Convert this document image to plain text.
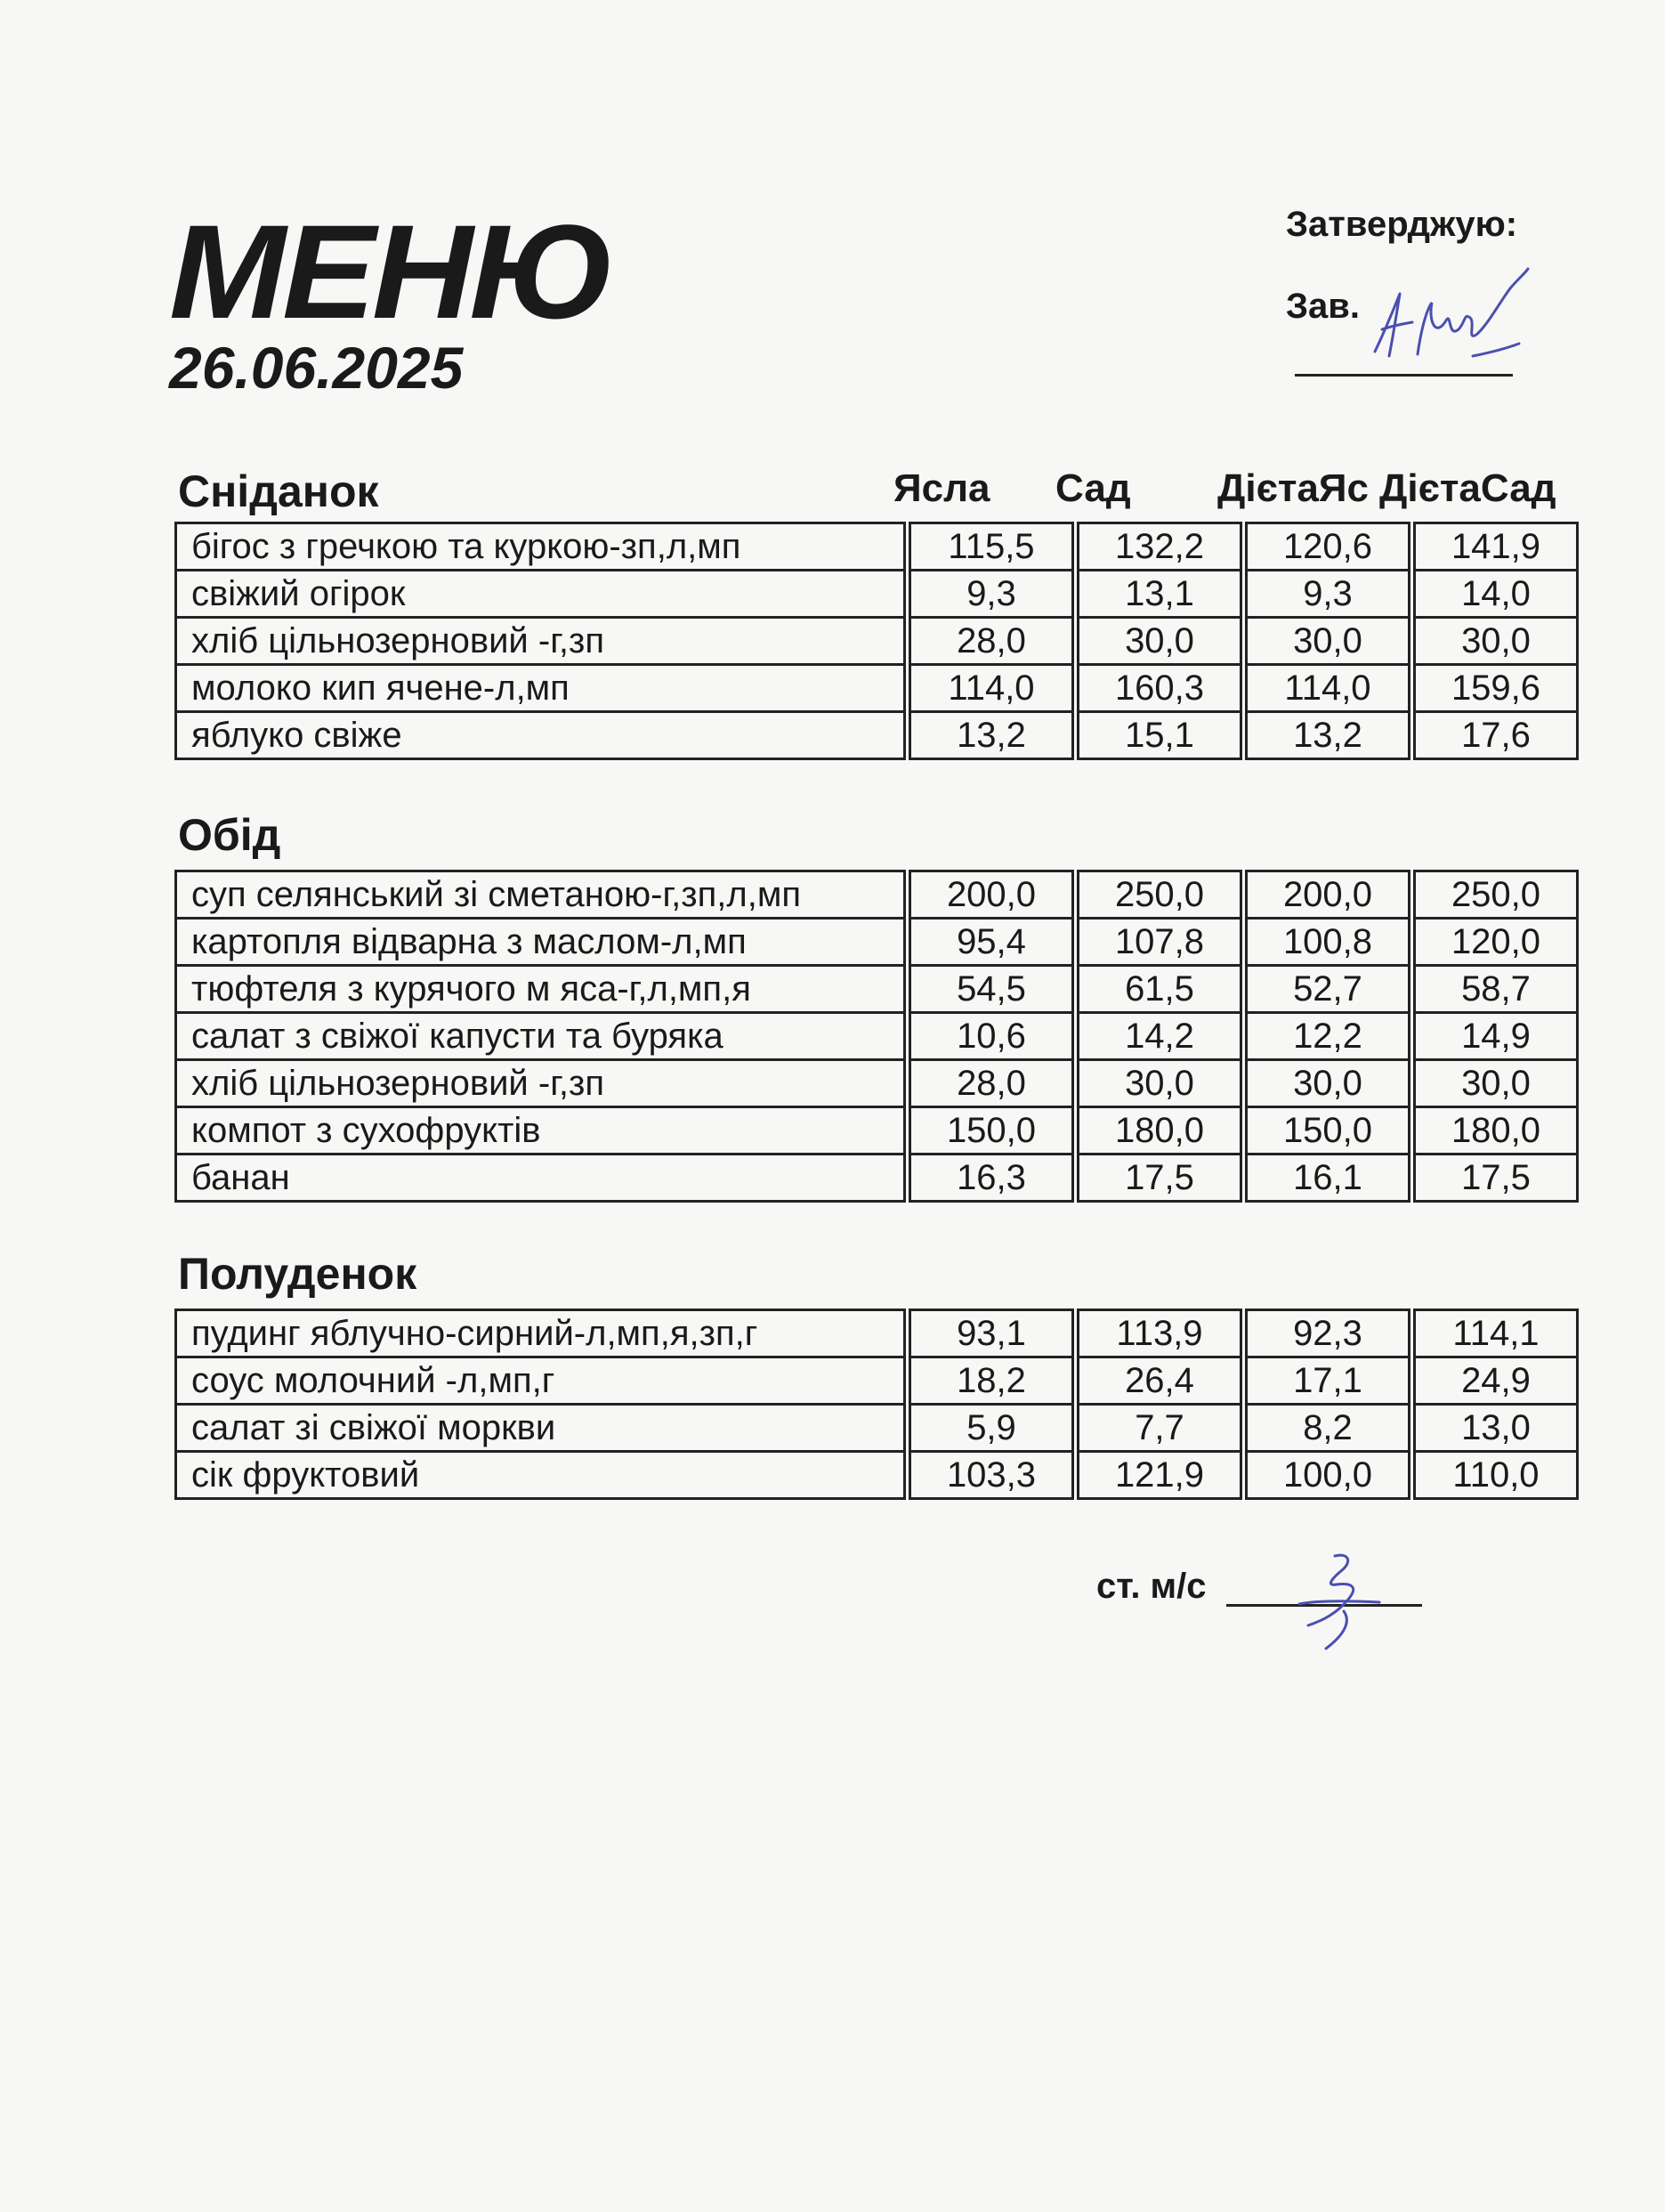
МЕНЮ
26.06.2025
Затверджую:
Зав.
Ясла Сад ДієтаЯс ДієтаСад
Сніданок
бігос з гречкою та куркою-зп,л,мп	115,5	132,2	120,6	141,9
свіжий огірок	9,3	13,1	9,3	14,0
хліб цільнозерновий -г,зп	28,0	30,0	30,0	30,0
молоко кип ячене-л,мп	114,0	160,3	114,0	159,6
яблуко свіже	13,2	15,1	13,2	17,6
Обід
суп селянський зі сметаною-г,зп,л,мп	200,0	250,0	200,0	250,0
картопля відварна з маслом-л,мп	95,4	107,8	100,8	120,0
тюфтеля з курячого м яса-г,л,мп,я	54,5	61,5	52,7	58,7
салат з свіжої капусти та буряка	10,6	14,2	12,2	14,9
хліб цільнозерновий -г,зп	28,0	30,0	30,0	30,0
компот з сухофруктів	150,0	180,0	150,0	180,0
банан	16,3	17,5	16,1	17,5
Полуденок
пудинг яблучно-сирний-л,мп,я,зп,г	93,1	113,9	92,3	114,1
соус молочний -л,мп,г	18,2	26,4	17,1	24,9
салат зі свіжої моркви	5,9	7,7	8,2	13,0
сік фруктовий	103,3	121,9	100,0	110,0
ст. м/с
